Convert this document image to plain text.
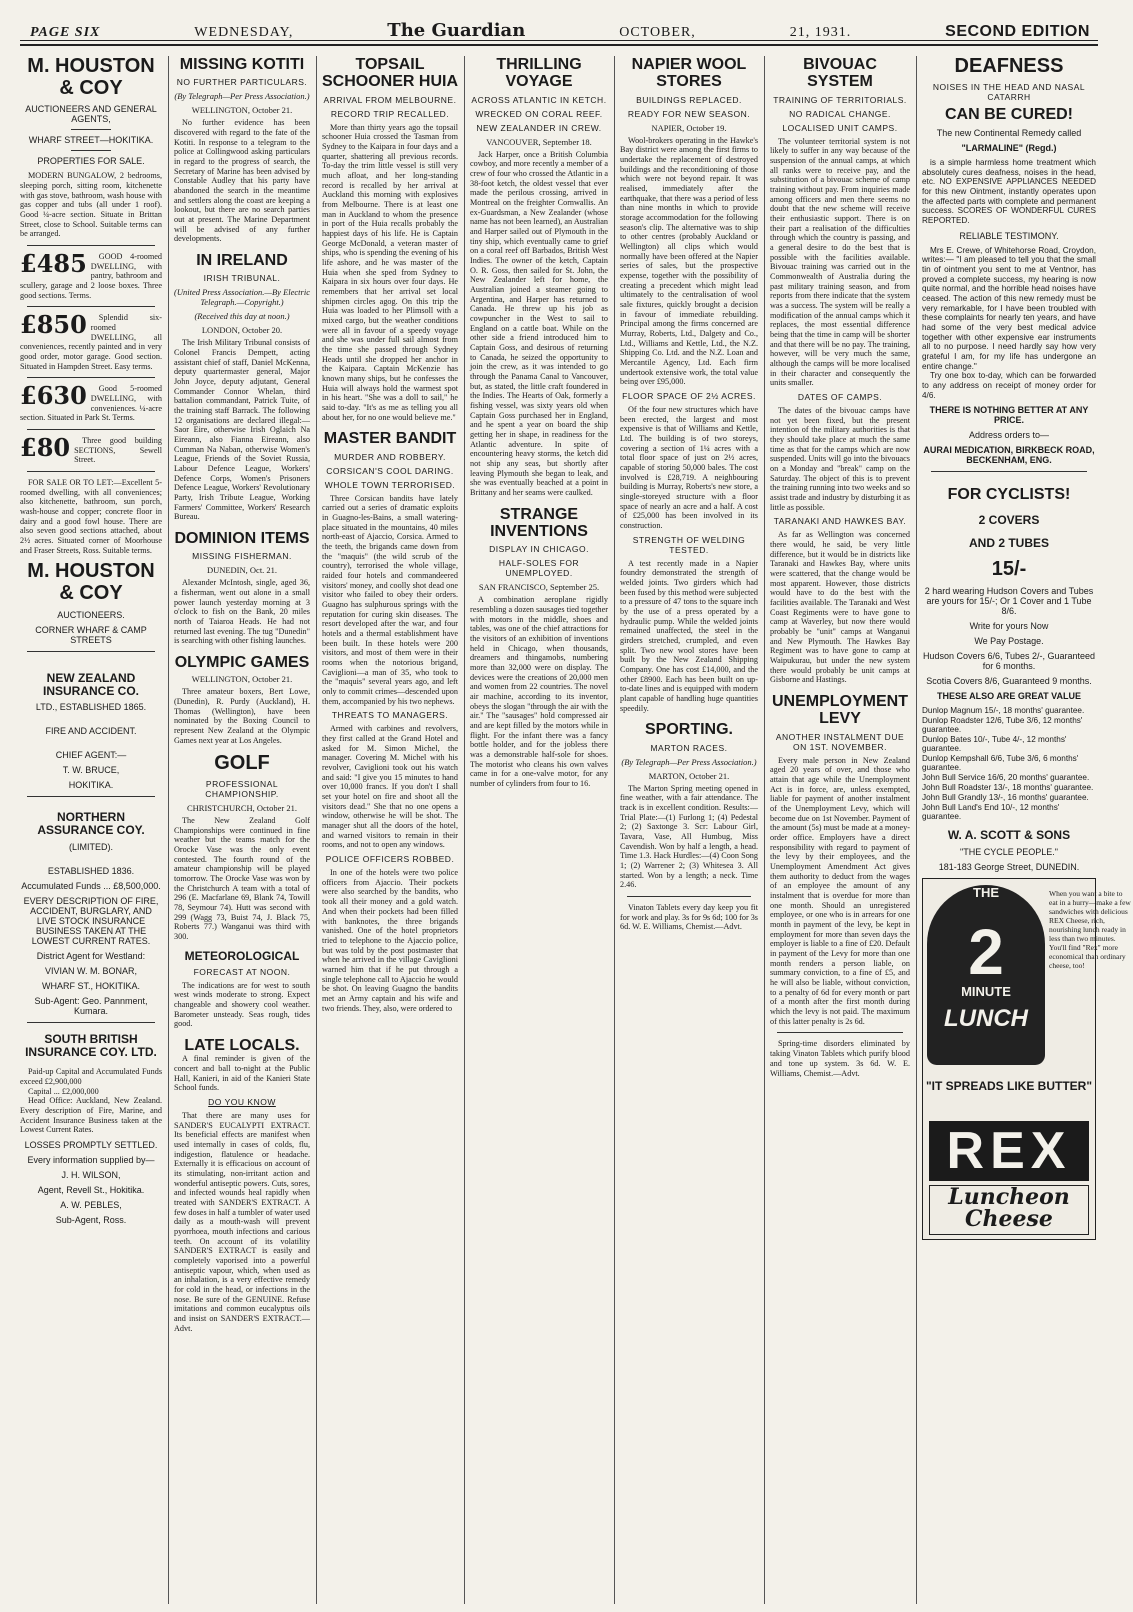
PAGE SIX	WEDNESDAY,	The Guardian	OCTOBER,	21, 1931.	SECOND EDITION
M. HOUSTON & COY
AUCTIONEERS AND GENERAL AGENTS,
WHARF STREET—HOKITIKA.
PROPERTIES FOR SALE.

MODERN BUNGALOW, 2 bedrooms, sleeping porch, sitting room, kitchenette with gas stove, bathroom, wash house with gas copper and tubs (all under 1 roof). Good ¼-acre section. Situate in Brittan Street, close to School. Suitable terms can be arranged.

£485	GOOD 4-roomed DWELLING, with pantry, bathroom and scullery, garage and 2 loose boxes. Three good sections. Terms.

£850	Splendid six-roomed DWELLING, all conveniences, recently painted and in very good order, motor garage. Good section. Situated in Hampden Street. Easy terms.

£630	Good 5-roomed DWELLING, with conveniences. ¼-acre section. Situated in Park St. Terms.

£80	Three good building SECTIONS, Sewell Street.

FOR SALE OR TO LET:—Excellent 5-roomed dwelling, with all conveniences; also kitchenette, bathroom, sun porch, wash-house and copper; concrete floor in dairy and a good fowl house. There are also seven good sections attached, about 2½ acres. Situated corner of Moorhouse and Fraser Streets, Ross. Suitable terms.

M. HOUSTON & COY
AUCTIONEERS.
CORNER WHARF & CAMP STREETS
NEW ZEALAND INSURANCE CO.
LTD., ESTABLISHED 1865.
FIRE AND ACCIDENT.
CHIEF AGENT:—
T. W. BRUCE,
HOKITIKA.
NORTHERN ASSURANCE COY.
(LIMITED).
ESTABLISHED 1836.
Accumulated Funds ... £8,500,000.
EVERY DESCRIPTION OF FIRE, ACCIDENT, BURGLARY, AND LIVE STOCK INSURANCE BUSINESS TAKEN AT THE LOWEST CURRENT RATES.
District Agent for Westland:
VIVIAN W. M. BONAR,
WHARF ST., HOKITIKA.
Sub-Agent: Geo. Pannment, Kumara.
SOUTH BRITISH INSURANCE COY. LTD.

Paid-up Capital and Accumulated Funds exceed £2,900,000

Capital ... £2,000,000

Head Office: Auckland, New Zealand. Every description of Fire, Marine, and Accident Insurance Business taken at the Lowest Current Rates.

LOSSES PROMPTLY SETTLED.
Every information supplied by—
J. H. WILSON,
Agent, Revell St., Hokitika.
A. W. PEBLES,
Sub-Agent, Ross.
MISSING KOTITI
NO FURTHER PARTICULARS.
(By Telegraph—Per Press Association.)
WELLINGTON, October 21.

No further evidence has been discovered with regard to the fate of the Kotiti. In response to a telegram to the police at Collingwood asking particulars in regard to the progress of search, the Secretary of Marine has been advised by Constable Audley that his party have abandoned the search in the meantime and settlers along the coast are keeping a lookout, but there are no search parties out at present. The Marine Department will be advised of any further developments.

IN IRELAND
IRISH TRIBUNAL.
(United Press Association.—By Electric Telegraph.—Copyright.)
(Received this day at noon.)
LONDON, October 20.

The Irish Military Tribunal consists of Colonel Francis Dempett, acting assistant chief of staff, Daniel McKenna, deputy quartermaster general, Major John Joyce, deputy adjutant, General Commander Connor Whelan, third battalion commandant, Patrick Tuite, of the training staff Barrack. The following 12 organisations are declared illegal:—Saor Eire, otherwise Irish Oglaich Na Eireann, also Fianna Eireann, also Cumman Na Naban, otherwise Women's League, Friends of the Soviet Russia, Labour Defence League, Workers' Defence Corps, Women's Prisoners Defence League, Workers' Revolutionary Party, Irish Tribute League, Working Farmers' Committee, Workers' Research Bureau.

DOMINION ITEMS
MISSING FISHERMAN.
DUNEDIN, Oct. 21.

Alexander McIntosh, single, aged 36, a fisherman, went out alone in a small power launch yesterday morning at 3 o'clock to fish on the Bank, 20 miles north of Taiaroa Heads. He had not returned last evening. The tug "Dunedin" is searching with other fishing launches.

OLYMPIC GAMES
WELLINGTON, October 21.

Three amateur boxers, Bert Lowe, (Dunedin), R. Purdy (Auckland), H. Thomas (Wellington), have been nominated by the Boxing Council to represent New Zealand at the Olympic Games next year at Los Angeles.

GOLF
PROFESSIONAL CHAMPIONSHIP.
CHRISTCHURCH, October 21.

The New Zealand Golf Championships were continued in fine weather but the teams match for the Orocke Vase was the only event contested. The fourth round of the amateur championship will be played tomorrow. The Orocke Vase was won by the Christchurch A team with a total of 296 (E. Macfarlane 69, Blank 74, Towill 78, Seymour 74). Hutt was second with 299 (Wagg 73, Buist 74, J. Black 75, Roberts 77.) Wanganui was third with 300.

METEOROLOGICAL
FORECAST AT NOON.

The indications are for west to south west winds moderate to strong. Expect changeable and showery cool weather. Barometer unsteady. Seas rough, tides good.

LATE LOCALS.

A final reminder is given of the concert and ball to-night at the Public Hall, Kanieri, in aid of the Kanieri State School funds.

DO YOU KNOW

That there are many uses for SANDER'S EUCALYPTI EXTRACT. Its beneficial effects are manifest when used internally in cases of colds, flu, indigestion, flatulence or headache. Externally it is efficacious on account of its stimulating, non-irritant action and wonderful antiseptic powers. Cuts, sores, and infected wounds heal rapidly when treated with SANDER'S EXTRACT. A few doses in half a tumbler of water used daily as a mouth-wash will prevent pyorrhoea, mouth infections and carious teeth. On account of its volatility SANDER'S EXTRACT is easily and completely vaporised into a powerful antiseptic vapour, which, when used as an inhalation, is a very effective remedy for cold in the head, or infections in the nose. Be sure of the GENUINE. Refuse imitations and common eucalyptus oils and insist on SANDER'S EXTRACT.—Advt.

TOPSAIL SCHOONER HUIA
ARRIVAL FROM MELBOURNE.
RECORD TRIP RECALLED.

More than thirty years ago the topsail schooner Huia crossed the Tasman from Sydney to the Kaipara in four days and a quarter, shattering all previous records. To-day the trim little vessel is still very much afloat, and her long-standing record is recalled by her arrival at Auckland this morning with explosives from Melbourne. There is at least one man in Auckland to whom the presence in port of the Huia recalls probably the happiest days of his life. He is Captain George McDonald, a veteran master of ships, who is spending the evening of his life ashore, and he was master of the Huia when she sped from Sydney to Kaipara in six hours over four days. He remembers that her arrival set local shipmen circles agog. On this trip the Huia was loaded to her Plimsoll with a mixed cargo, but the weather conditions were all in favour of a speedy voyage and she was under full sail almost from the time she passed through Sydney Heads until she dropped her anchor in the Kaipara. Captain McKenzie has known many ships, but he confesses the Huia will always hold the warmest spot in his heart. "She was a doll to sail," he said to-day. "It's as me as telling you all about her, for no one would believe me."

MASTER BANDIT
MURDER AND ROBBERY.
CORSICAN'S COOL DARING.
WHOLE TOWN TERRORISED.

Three Corsican bandits have lately carried out a series of dramatic exploits in Guagno-les-Bains, a small watering-place situated in the mountains, 40 miles north-east of Ajaccio, Corsica. Armed to the teeth, the brigands came down from the "maquis" (the wild scrub of the country), terrorised the whole village, raided four hotels and commandeered visitors' money, and coolly shot dead one visitor who failed to obey their orders. Guagno has sulphurous springs with the reputation for curing skin diseases. The resort developed after the war, and four hotels and a thermal establishment have been built. In these hotels were 200 visitors, and most of them were in their rooms when the notorious brigand, Caviglioni—a man of 35, who took to the "maquis" several years ago, and left only to commit crimes—descended upon them, accompanied by his two nephews.

THREATS TO MANAGERS.

Armed with carbines and revolvers, they first called at the Grand Hotel and asked for M. Simon Michel, the manager. Covering M. Michel with his revolver, Caviglioni took out his watch and said: "I give you 15 minutes to hand over 10,000 francs. If you don't I shall set your hotel on fire and shoot all the visitors dead." She that no one opens a window, otherwise he will be shot. The manager shut all the doors of the hotel, and warned visitors to remain in their rooms, and not to open any windows.

POLICE OFFICERS ROBBED.

In one of the hotels were two police officers from Ajaccio. Their pockets were also searched by the bandits, who took all their money and a gold watch. And when their pockets had been filled with banknotes, the three brigands vanished. One of the hotel proprietors tried to telephone to the Ajaccio police, but was told by the post postmaster that when he arrived in the village Caviglioni warned him that if he put through a single telephone call to Ajaccio he would be shot. On leaving Guagno the bandits met an Army captain and his wife and two friends. They, also, were ordered to

THRILLING VOYAGE
ACROSS ATLANTIC IN KETCH.
WRECKED ON CORAL REEF.
NEW ZEALANDER IN CREW.
VANCOUVER, September 18.

Jack Harper, once a British Columbia cowboy, and more recently a member of a crew of four who crossed the Atlantic in a 38-foot ketch, the oldest vessel that ever made the perilous crossing, arrived in Montreal on the freighter Cornwallis. An ex-Guardsman, a New Zealander (whose name has not been learned), an Australian and Harper sailed out of Plymouth in the tiny ship, which eventually came to grief on a coral reef off Barbados, British West Indies. The owner of the ketch, Captain O. R. Goss, then sailed for St. John, the New Zealander left for home, the Australian joined a steamer going to Argentina, and Harper has returned to Canada. He threw up his job as cowpuncher in the West to sail to England on a cattle boat. While on the other side a friend introduced him to Captain Goss, and desirous of returning to Canada, he seized the opportunity to join the crew, as it was intended to go through the Panama Canal to Vancouver, but, as stated, the little craft foundered in the Indies. The Hearts of Oak, formerly a fishing vessel, was sixty years old when Captain Goss purchased her in England, and he spent a year on board the ship getting her in shape, in readiness for the Atlantic adventure. In spite of encountering heavy storms, the ketch did not ship any seas, but shortly after leaving Plymouth she began to leak, and she was eventually beached at a point in Brittany and her seams were caulked.

STRANGE INVENTIONS
DISPLAY IN CHICAGO.
HALF-SOLES FOR UNEMPLOYED.
SAN FRANCISCO, September 25.

A combination aeroplane rigidly resembling a dozen sausages tied together with motors in the middle, shoes and tables, was one of the chief attractions for the visitors of an exhibition of inventions held in Chicago, when thousands, dreamers and thingamobs, numbering more than 32,000 were on display. The devices were the creations of 20,000 men and women from 22 countries. The novel air machine, according to its inventor, obeys the slogan "through the air with the air." The "sausages" hold compressed air and are kept filled by the motors while in flight. For the infant there was a fancy bottle holder, and for the jobless there was a demonstrable half-sole for shoes. The motorist who cleans his own valves came in for a one-valve motor, for any number of cylinders from four to 16.

NAPIER WOOL STORES
BUILDINGS REPLACED.
READY FOR NEW SEASON.
NAPIER, October 19.

Wool-brokers operating in the Hawke's Bay district were among the first firms to undertake the replacement of destroyed buildings and the reconditioning of those which were not beyond repair. It was realised, immediately after the earthquake, that there was a period of less than nine months in which to provide storage accommodation for the following season's clip. The alternative was to ship to other centres (probably Auckland or Wellington) all clips which would normally have been offered at the Napier series of sales, but the prospective expense, together with the possibility of creating a precedent which might lead ultimately to the centralisation of wool sale fixtures, quickly brought a decision in favour of immediate rebuilding. Principal among the firms concerned are Murray, Roberts, Ltd., Dalgety and Co., Ltd., Williams and Kettle, Ltd., the N.Z. Shipping Co. Ltd. and the N.Z. Loan and Mercantile Agency, Ltd. Each firm undertook extensive work, the total value being over £95,000.

FLOOR SPACE OF 2½ ACRES.

Of the four new structures which have been erected, the largest and most expensive is that of Williams and Kettle, Ltd. The building is of two storeys, covering a section of 1¼ acres with a total floor space of just on 2½ acres, capable of storing 50,000 bales. The cost involved is £28,719. A neighbouring building is Murray, Roberts's new store, a single-storeyed structure with a floor space of nearly an acre and a half. A cost of £25,000 has been involved in its construction.

STRENGTH OF WELDING TESTED.

A test recently made in a Napier foundry demonstrated the strength of welded joints. Two girders which had been fused by this method were subjected to a pressure of 47 tons to the square inch by the use of a press operated by a hydraulic pump. While the welded joints remained unaffected, the steel in the girders stretched, crumpled, and even split. Two new wool stores have been built by the New Zealand Shipping Company. One has cost £14,000, and the other £8900. Each has been built on up-to-date lines and is equipped with modern plant capable of handling huge quantities speedily.

SPORTING.
MARTON RACES.
(By Telegraph—Per Press Association.)
MARTON, October 21.

The Marton Spring meeting opened in fine weather, with a fair attendance. The track is in excellent condition. Results:— Trial Plate:—(1) Furlong 1; (4) Pedestal 2; (2) Saxtonge 3. Scr: Labour Girl, Tavara, Vase, All Humbug, Miss Cavendish. Won by half a length, a head. Time 1.3. Hack Hurdles:—(4) Coon Song 1; (2) Warrener 2; (3) Whitesea 3. All started. Won by a length; a neck. Time 2.46.

Vinaton Tablets every day keep you fit for work and play. 3s for 9s 6d; 100 for 3s 6d. W. E. Williams, Chemist.—Advt.

BIVOUAC SYSTEM
TRAINING OF TERRITORIALS.
NO RADICAL CHANGE.
LOCALISED UNIT CAMPS.

The volunteer territorial system is not likely to suffer in any way because of the suspension of the annual camps, at which all ranks were to receive pay, and the substitution of a bivouac scheme of camp training without pay. From inquiries made among officers and men there seems no doubt that the new scheme will receive their enthusiastic support. There is on their part a realisation of the difficulties through which the country is passing, and a general desire to do the best that is possible with the facilities available. Bivouac training was carried out in the Commonwealth of Australia during the past military training season, and from reports from there indicate that the system was a success. The system will be really a modification of the annual camps which it replaces, the most essential difference being that the time in camp will be shorter and that there will be no pay. The training, however, will be very much the same, although the camps will be more localised in their character and consequently the units smaller.

DATES OF CAMPS.

The dates of the bivouac camps have not yet been fixed, but the present intention of the military authorities is that they should take place at much the same time as that for the camps which are now suspended. Units will go into the bivouacs on a Monday and "break" camp on the Saturday. The object of this is to prevent the training running into two weeks and so assist trade and industry by disturbing it as little as possible.

TARANAKI AND HAWKES BAY.

As far as Wellington was concerned there would, he said, be very little difference, but it would be in districts like Taranaki and Hawkes Bay, where units were scattered, that the change would be most apparent. However, those districts would have to do the best with the facilities available. The Taranaki and West Coast Regiments were to have gone to camp at Waverley, but now there would probably be "unit" camps at Wanganui and New Plymouth. The Hawkes Bay Regiment was to have gone to camp at Waipukurau, but under the new system there would probably be unit camps at Gisborne and Hastings.

UNEMPLOYMENT LEVY
ANOTHER INSTALMENT DUE ON 1ST. NOVEMBER.

Every male person in New Zealand aged 20 years of over, and those who attain that age while the Unemployment Act is in force, are, unless exempted, liable for payment of another instalment of the Unemployment Levy, which will become due on 1st November. Payment of the amount (5s) must be made at a money-order office. Employers have a direct responsibility with regard to payment of the levy by their employees, and the Unemployment Amendment Act gives them authority to deduct from the wages of an employee the amount of any instalment that is overdue for more than one month. Should an unregistered employee, or one who is in arrears for one month in payment of the levy, be kept in employment for more than seven days the employer is liable to a fine of £20. Default in payment of the Levy for more than one month renders a person liable, on summary conviction, to a fine of £5, and he will also be liable, without conviction, to a penalty of 6d for every month or part of a month after the first month during which the levy is not paid. The maximum of this latter penalty is 2s 6d.

Spring-time disorders eliminated by taking Vinaton Tablets which purify blood and tone up system. 3s 6d. W. E. Williams, Chemist.—Advt.

DEAFNESS
NOISES IN THE HEAD AND NASAL CATARRH
CAN BE CURED!
The new Continental Remedy called
"LARMALINE" (Regd.)

is a simple harmless home treatment which absolutely cures deafness, noises in the head, etc. NO EXPENSIVE APPLIANCES NEEDED for this new Ointment, instantly operates upon the affected parts with complete and permanent success. SCORES OF WONDERFUL CURES REPORTED.

RELIABLE TESTIMONY.

Mrs E. Crewe, of Whitehorse Road, Croydon, writes:— "I am pleased to tell you that the small tin of ointment you sent to me at Ventnor, has proved a complete success, my hearing is now quite normal, and the horrible head noises have ceased. The action of this new remedy must be very remarkable, for I have been troubled with these complaints for nearly ten years, and have had some of the very best medical advice together with other expensive ear instruments all to no purpose. I need hardly say how very grateful I am, for my life has undergone an entire change."

Try one box to-day, which can be forwarded to any address on receipt of money order for 4/6.

THERE IS NOTHING BETTER AT ANY PRICE.
Address orders to—
AURAI MEDICATION, BIRKBECK ROAD, BECKENHAM, ENG.
FOR CYCLISTS!
2 COVERS
AND 2 TUBES
15/-
2 hard wearing Hudson Covers and Tubes are yours for 15/-; Or 1 Cover and 1 Tube 8/6.
Write for yours Now
We Pay Postage.
Hudson Covers 6/6, Tubes 2/-, Guaranteed for 6 months.
Scotia Covers 8/6, Guaranteed 9 months.
THESE ALSO ARE GREAT VALUE
Dunlop Magnum 15/-, 18 months' guarantee.
Dunlop Roadster 12/6, Tube 3/6, 12 months' guarantee.
Dunlop Bates 10/-, Tube 4/-, 12 months' guarantee.
Dunlop Kempshall 6/6, Tube 3/6, 6 months' guarantee.
John Bull Service 16/6, 20 months' guarantee.
John Bull Roadster 13/-, 18 months' guarantee.
John Bull Grandly 13/-, 16 months' guarantee.
John Bull Land's End 10/-, 12 months' guarantee.
W. A. SCOTT & SONS
"THE CYCLE PEOPLE."
181-183 George Street, DUNEDIN.
THE
2
MINUTE
LUNCH
When you want a bite to eat in a hurry—make a few sandwiches with delicious REX Cheese, rich, nourishing lunch ready in less than two minutes. You'll find "Rex" more economical than ordinary cheese, too!
"IT SPREADS LIKE BUTTER"
REX
Luncheon Cheese
